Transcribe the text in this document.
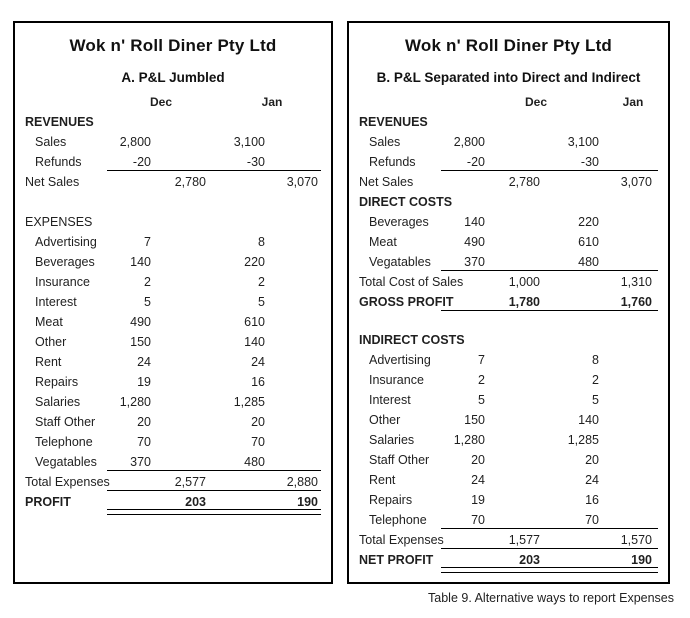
Wok n' Roll Diner Pty Ltd
A. P&L Jumbled
Dec	Jan
REVENUES
Sales	2,800	3,100
Refunds	-20	-30
Net Sales	2,780	3,070
EXPENSES
Advertising	7	8
Beverages	140	220
Insurance	2	2
Interest	5	5
Meat	490	610
Other	150	140
Rent	24	24
Repairs	19	16
Salaries	1,280	1,285
Staff Other	20	20
Telephone	70	70
Vegatables	370	480
Total Expenses	2,577	2,880
PROFIT	203	190
Wok n' Roll Diner Pty Ltd
B. P&L Separated into Direct and Indirect
Dec	Jan
REVENUES
Sales	2,800	3,100
Refunds	-20	-30
Net Sales	2,780	3,070
DIRECT COSTS
Beverages	140	220
Meat	490	610
Vegatables	370	480
Total Cost of Sales	1,000	1,310
GROSS PROFIT	1,780	1,760
INDIRECT COSTS
Advertising	7	8
Insurance	2	2
Interest	5	5
Other	150	140
Salaries	1,280	1,285
Staff Other	20	20
Rent	24	24
Repairs	19	16
Telephone	70	70
Total Expenses	1,577	1,570
NET PROFIT	203	190
Table 9. Alternative ways to report Expenses
